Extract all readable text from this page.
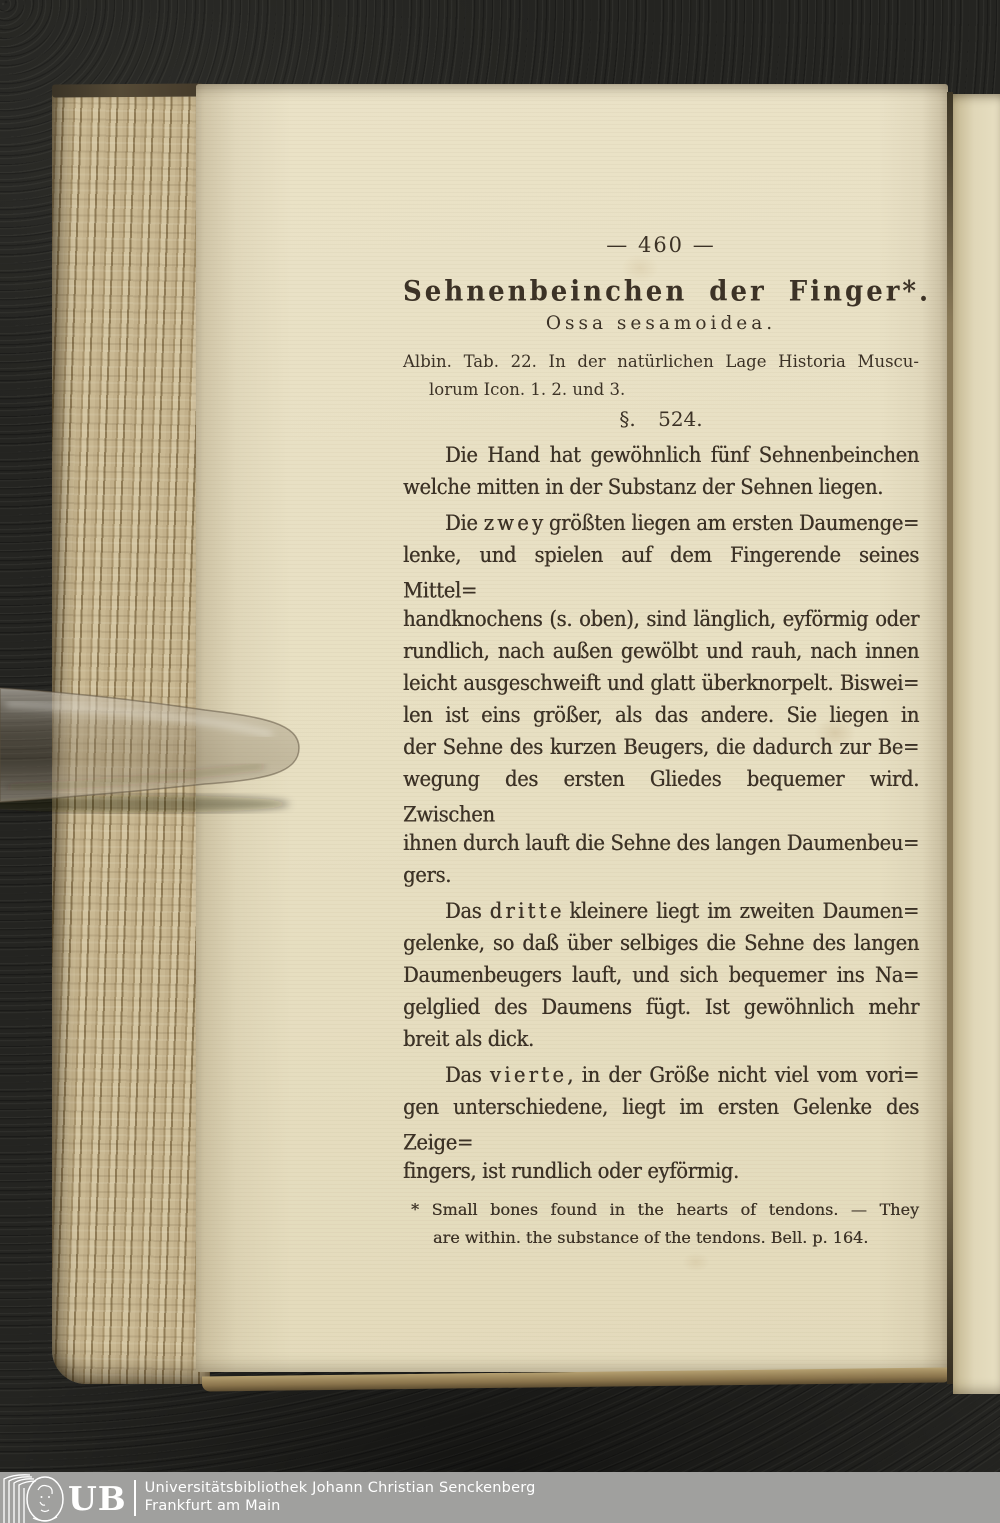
— 460 —
Sehnenbeinchen der Finger*.
Ossa sesamoidea.
Albin. Tab. 22. In der natürlichen Lage Historia Muscu-
lorum Icon. 1. 2. und 3.
§. 524.
Die Hand hat gewöhnlich fünf Sehnenbeinchen
welche mitten in der Substanz der Sehnen liegen.
Die z w e y größten liegen am ersten Daumenge=
lenke, und spielen auf dem Fingerende seines Mittel=
handknochens (s. oben), sind länglich, eyförmig oder
rundlich, nach außen gewölbt und rauh, nach innen
leicht ausgeschweift und glatt überknorpelt. Biswei=
len ist eins größer, als das andere. Sie liegen in
der Sehne des kurzen Beugers, die dadurch zur Be=
wegung des ersten Gliedes bequemer wird. Zwischen
ihnen durch lauft die Sehne des langen Daumenbeu=
gers.
Das d r i t t e kleinere liegt im zweiten Daumen=
gelenke, so daß über selbiges die Sehne des langen
Daumenbeugers lauft, und sich bequemer ins Na=
gelglied des Daumens fügt. Ist gewöhnlich mehr
breit als dick.
Das v i e r t e , in der Größe nicht viel vom vori=
gen unterschiedene, liegt im ersten Gelenke des Zeige=
fingers, ist rundlich oder eyförmig.
* Small bones found in the hearts of tendons. — They
are within. the substance of the tendons. Bell. p. 164.
UB Universitätsbibliothek Johann Christian Senckenberg
Frankfurt am Main
